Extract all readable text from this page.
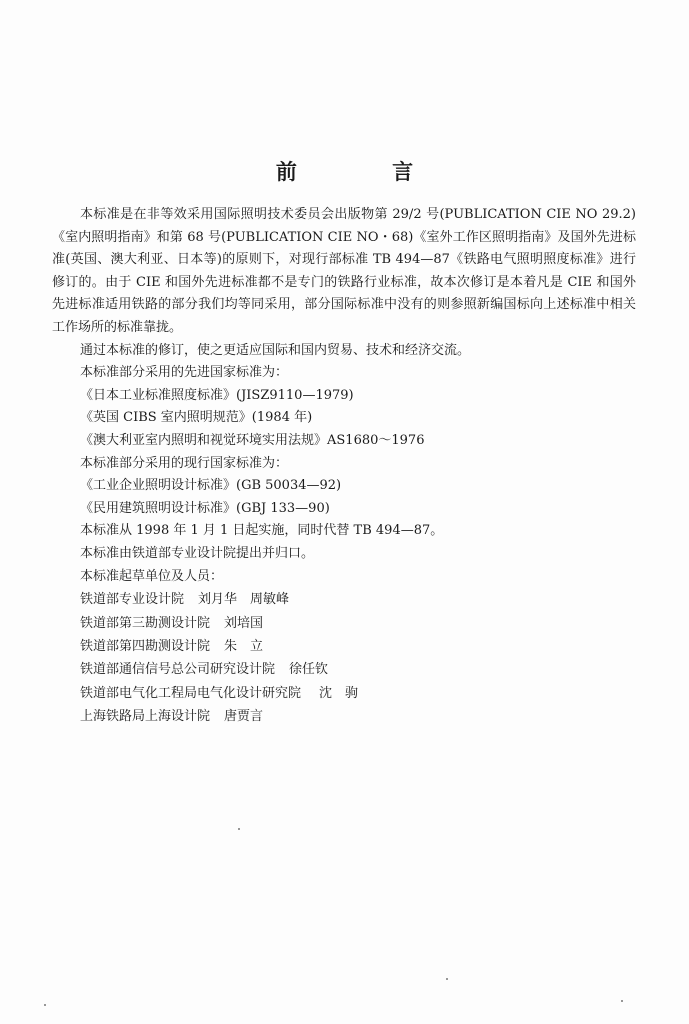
前 言

本标准是在非等效采用国际照明技术委员会出版物第 29/2 号(PUBLICATION CIE NO 29.2)《室内照明指南》和第 68 号(PUBLICATION CIE NO・68)《室外工作区照明指南》及国外先进标准(英国、澳大利亚、日本等)的原则下，对现行部标准 TB 494—87《铁路电气照明照度标准》进行修订的。由于 CIE 和国外先进标准都不是专门的铁路行业标准，故本次修订是本着凡是 CIE 和国外先进标准适用铁路的部分我们均等同采用，部分国际标准中没有的则参照新编国标向上述标准中相关工作场所的标准靠拢。

通过本标准的修订，使之更适应国际和国内贸易、技术和经济交流。

本标准部分采用的先进国家标准为：

《日本工业标准照度标准》(JISZ9110—1979)

《英国 CIBS 室内照明规范》(1984 年)

《澳大利亚室内照明和视觉环境实用法规》AS1680～1976

本标准部分采用的现行国家标准为：

《工业企业照明设计标准》(GB 50034—92)

《民用建筑照明设计标准》(GBJ 133—90)

本标准从 1998 年 1 月 1 日起实施，同时代替 TB 494—87。

本标准由铁道部专业设计院提出并归口。

本标准起草单位及人员：

铁道部专业设计院 刘月华　周敏峰

铁道部第三勘测设计院 刘培国

铁道部第四勘测设计院 朱　立

铁道部通信信号总公司研究设计院 徐任钦

铁道部电气化工程局电气化设计研究院 沈　驹

上海铁路局上海设计院 唐贾言
